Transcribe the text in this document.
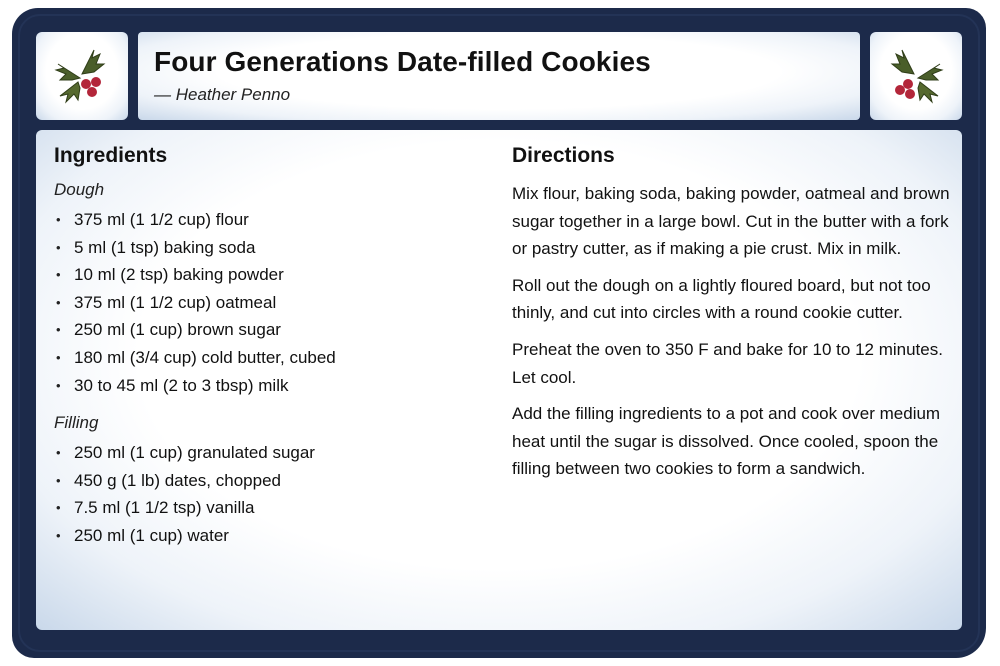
Four Generations Date-filled Cookies
— Heather Penno
Ingredients
Dough
• 375 ml (1 1/2 cup) flour
• 5 ml (1 tsp) baking soda
• 10 ml (2 tsp) baking powder
• 375 ml (1 1/2 cup) oatmeal
• 250 ml (1 cup) brown sugar
• 180 ml (3/4 cup) cold butter, cubed
• 30 to 45 ml (2 to 3 tbsp) milk
Filling
• 250 ml (1 cup) granulated sugar
• 450 g (1 lb) dates, chopped
• 7.5 ml (1 1/2 tsp) vanilla
• 250 ml (1 cup) water
Directions

Mix flour, baking soda, baking powder, oatmeal and brown sugar together in a large bowl. Cut in the butter with a fork or pastry cutter, as if making a pie crust. Mix in milk.

Roll out the dough on a lightly floured board, but not too thinly, and cut into circles with a round cookie cutter.

Preheat the oven to 350 F and bake for 10 to 12 minutes. Let cool.

Add the filling ingredients to a pot and cook over medium heat until the sugar is dissolved. Once cooled, spoon the filling between two cookies to form a sandwich.
